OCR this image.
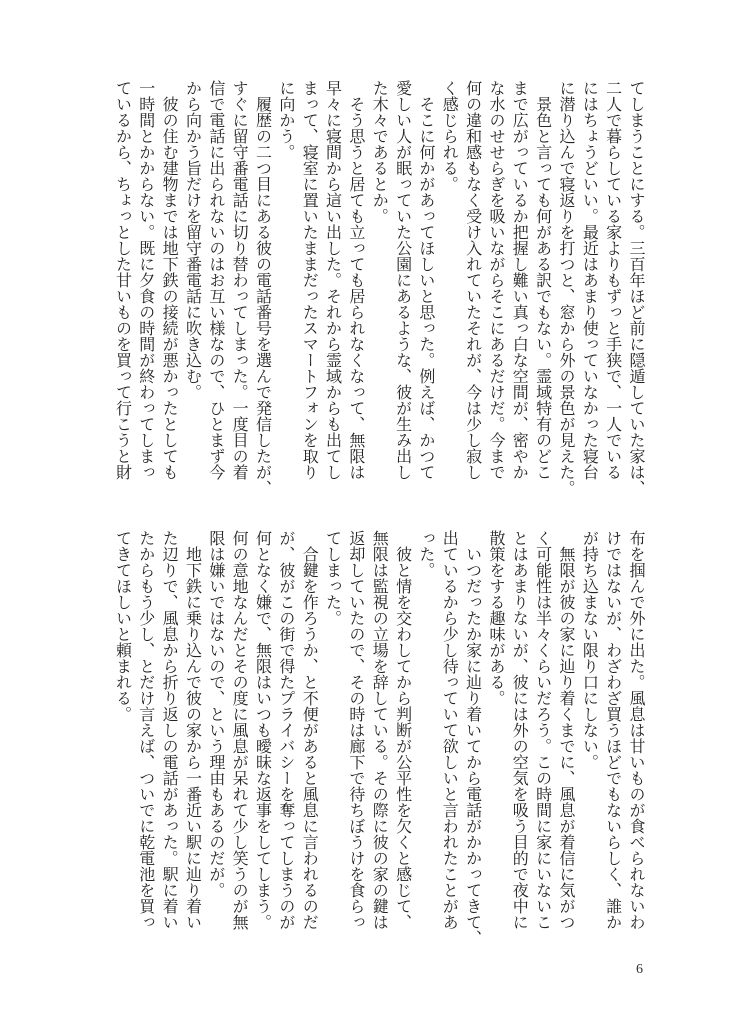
てしまうことにする。三百年ほど前に隠遁していた家は、
二人で暮らしている家よりもずっと手狭で、一人でいる
にはちょうどいい。最近はあまり使っていなかった寝台
に潜り込んで寝返りを打つと、窓から外の景色が見えた。
　景色と言っても何がある訳でもない。霊域特有のどこ
まで広がっているか把握し難い真っ白な空間が、密やか
な水のせせらぎを吸いながらそこにあるだけだ。今まで
何の違和感もなく受け入れていたそれが、今は少し寂し
く感じられる。
　そこに何かがあってほしいと思った。例えば、かつて
愛しい人が眠っていた公園にあるような、彼が生み出し
た木々であるとか。
　そう思うと居ても立っても居られなくなって、無限は
早々に寝間から這い出した。それから霊域からも出てし
まって、寝室に置いたままだったスマートフォンを取り
に向かう。
　履歴の二つ目にある彼の電話番号を選んで発信したが、
すぐに留守番電話に切り替わってしまった。一度目の着
信で電話に出られないのはお互い様なので、ひとまず今
から向かう旨だけを留守番電話に吹き込む。
　彼の住む建物までは地下鉄の接続が悪かったとしても
一時間とかからない。既に夕食の時間が終わってしまっ
ているから、ちょっとした甘いものを買って行こうと財
布を掴んで外に出た。風息は甘いものが食べられないわ
けではないが、わざわざ買うほどでもないらしく、誰か
が持ち込まない限り口にしない。
　無限が彼の家に辿り着くまでに、風息が着信に気がつ
く可能性は半々くらいだろう。この時間に家にいないこ
とはあまりないが、彼には外の空気を吸う目的で夜中に
散策をする趣味がある。
　いつだったか家に辿り着いてから電話がかかってきて、
出ているから少し待っていて欲しいと言われたことがあ
った。
　彼と情を交わしてから判断が公平性を欠くと感じて、
無限は監視の立場を辞している。その際に彼の家の鍵は
返却していたので、その時は廊下で待ちぼうけを食らっ
てしまった。
　合鍵を作ろうか、と不便があると風息に言われるのだ
が、彼がこの街で得たプライバシーを奪ってしまうのが
何となく嫌で、無限はいつも曖昧な返事をしてしまう。
何の意地なんだとその度に風息が呆れて少し笑うのが無
限は嫌いではないので、という理由もあるのだが。
　地下鉄に乗り込んで彼の家から一番近い駅に辿り着い
た辺りで、風息から折り返しの電話があった。駅に着い
たからもう少し、とだけ言えば、ついでに乾電池を買っ
てきてほしいと頼まれる。
6
